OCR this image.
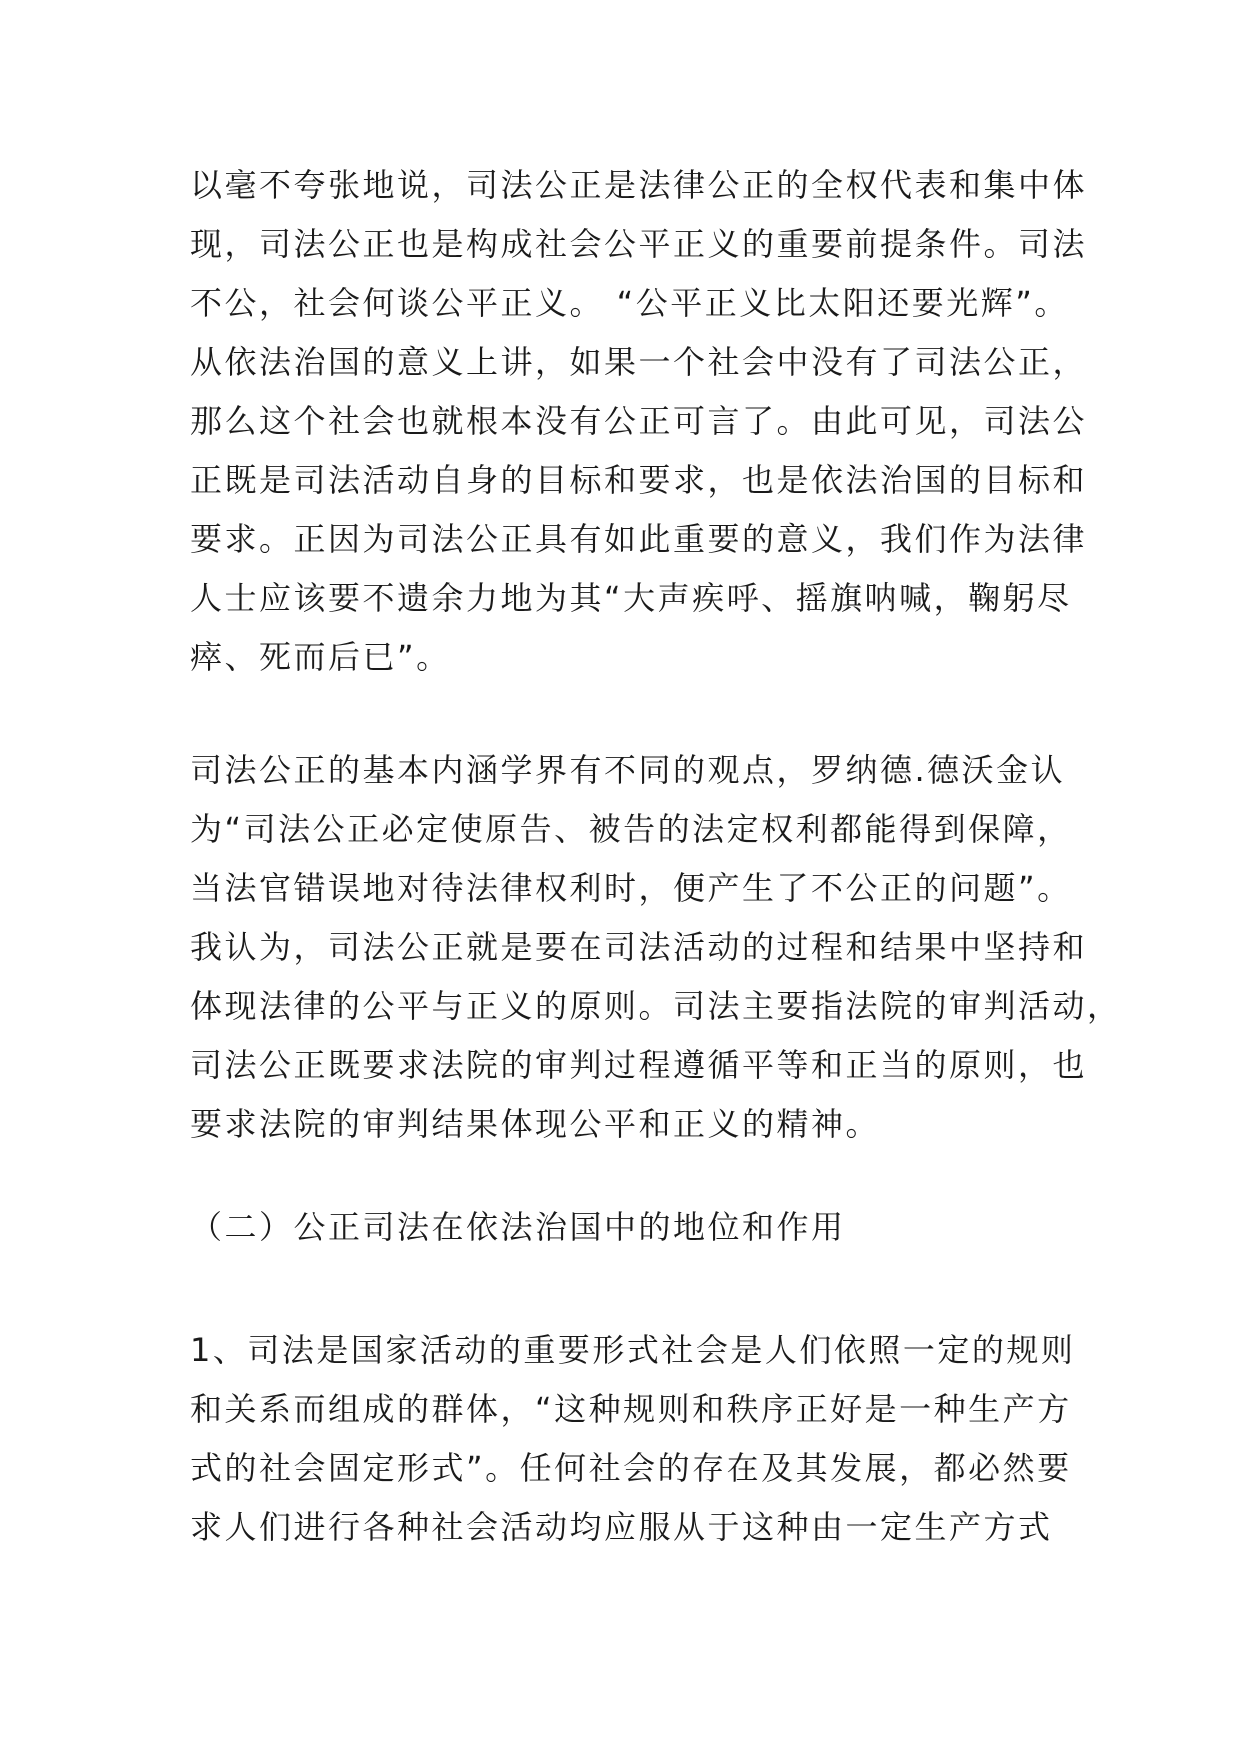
以毫不夸张地说，司法公正是法律公正的全权代表和集中体
现，司法公正也是构成社会公平正义的重要前提条件。司法
不公，社会何谈公平正义。 “公平正义比太阳还要光辉”。
从依法治国的意义上讲，如果一个社会中没有了司法公正，
那么这个社会也就根本没有公正可言了。由此可见，司法公
正既是司法活动自身的目标和要求，也是依法治国的目标和
要求。正因为司法公正具有如此重要的意义，我们作为法律
人士应该要不遗余力地为其“大声疾呼、摇旗呐喊，鞠躬尽
瘁、死而后已”。
司法公正的基本内涵学界有不同的观点，罗纳德.德沃金认
为“司法公正必定使原告、被告的法定权利都能得到保障，
当法官错误地对待法律权利时，便产生了不公正的问题”。
我认为，司法公正就是要在司法活动的过程和结果中坚持和
体现法律的公平与正义的原则。司法主要指法院的审判活动，
司法公正既要求法院的审判过程遵循平等和正当的原则，也
要求法院的审判结果体现公平和正义的精神。
（二）公正司法在依法治国中的地位和作用
1、司法是国家活动的重要形式社会是人们依照一定的规则
和关系而组成的群体，“这种规则和秩序正好是一种生产方
式的社会固定形式”。任何社会的存在及其发展，都必然要
求人们进行各种社会活动均应服从于这种由一定生产方式
